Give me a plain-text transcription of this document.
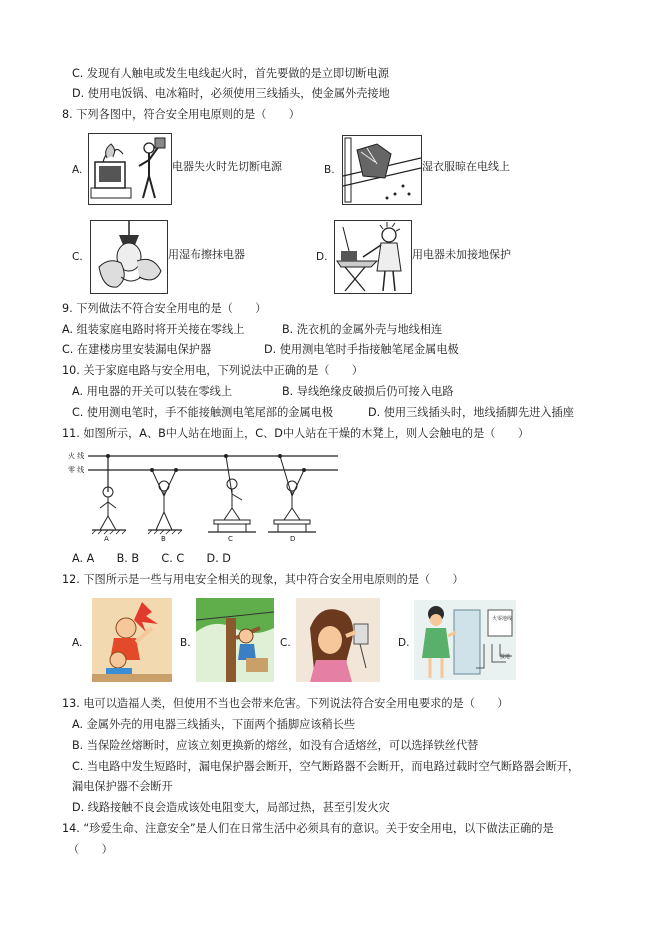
C. 发现有人触电或发生电线起火时，首先要做的是立即切断电源
D. 使用电饭锅、电冰箱时，必须使用三线插头，使金属外壳接地
8. 下列各图中，符合安全用电原则的是（　　）
A.	电器失火时先切断电源	B.	湿衣服晾在电线上
C.	用湿布擦抹电器	D.	用电器未加接地保护
9. 下列做法不符合安全用电的是（　　）
A. 组装家庭电路时将开关接在零线上	B. 洗衣机的金属外壳与地线相连
C. 在建楼房里安装漏电保护器	D. 使用测电笔时手指接触笔尾金属电极
10. 关于家庭电路与安全用电，下列说法中正确的是（　　）
A. 用电器的开关可以装在零线上	B. 导线绝缘皮破损后仍可接入电路
C. 使用测电笔时，手不能接触测电笔尾部的金属电极	D. 使用三线插头时，地线插脚先进入插座
11. 如图所示，A、B中人站在地面上，C、D中人站在干燥的木凳上，则人会触电的是（　　）
火 线
零 线
A	B	C	D
A. A　　B. B　　C. C　　D. D
12. 下图所示是一些与用电安全相关的现象，其中符合安全用电原则的是（　　）
A.	B.	C.	D.
火零地线
接地
13. 电可以造福人类，但使用不当也会带来危害。下列说法符合安全用电要求的是（　　）
A. 金属外壳的用电器三线插头，下面两个插脚应该稍长些
B. 当保险丝熔断时，应该立刻更换新的熔丝，如没有合适熔丝，可以选择铁丝代替
C. 当电路中发生短路时，漏电保护器会断开，空气断路器不会断开，而电路过载时空气断路器会断开，
漏电保护器不会断开
D. 线路接触不良会造成该处电阻变大，局部过热，甚至引发火灾
14. “珍爱生命、注意安全”是人们在日常生活中必须具有的意识。关于安全用电，以下做法正确的是
（　　）
